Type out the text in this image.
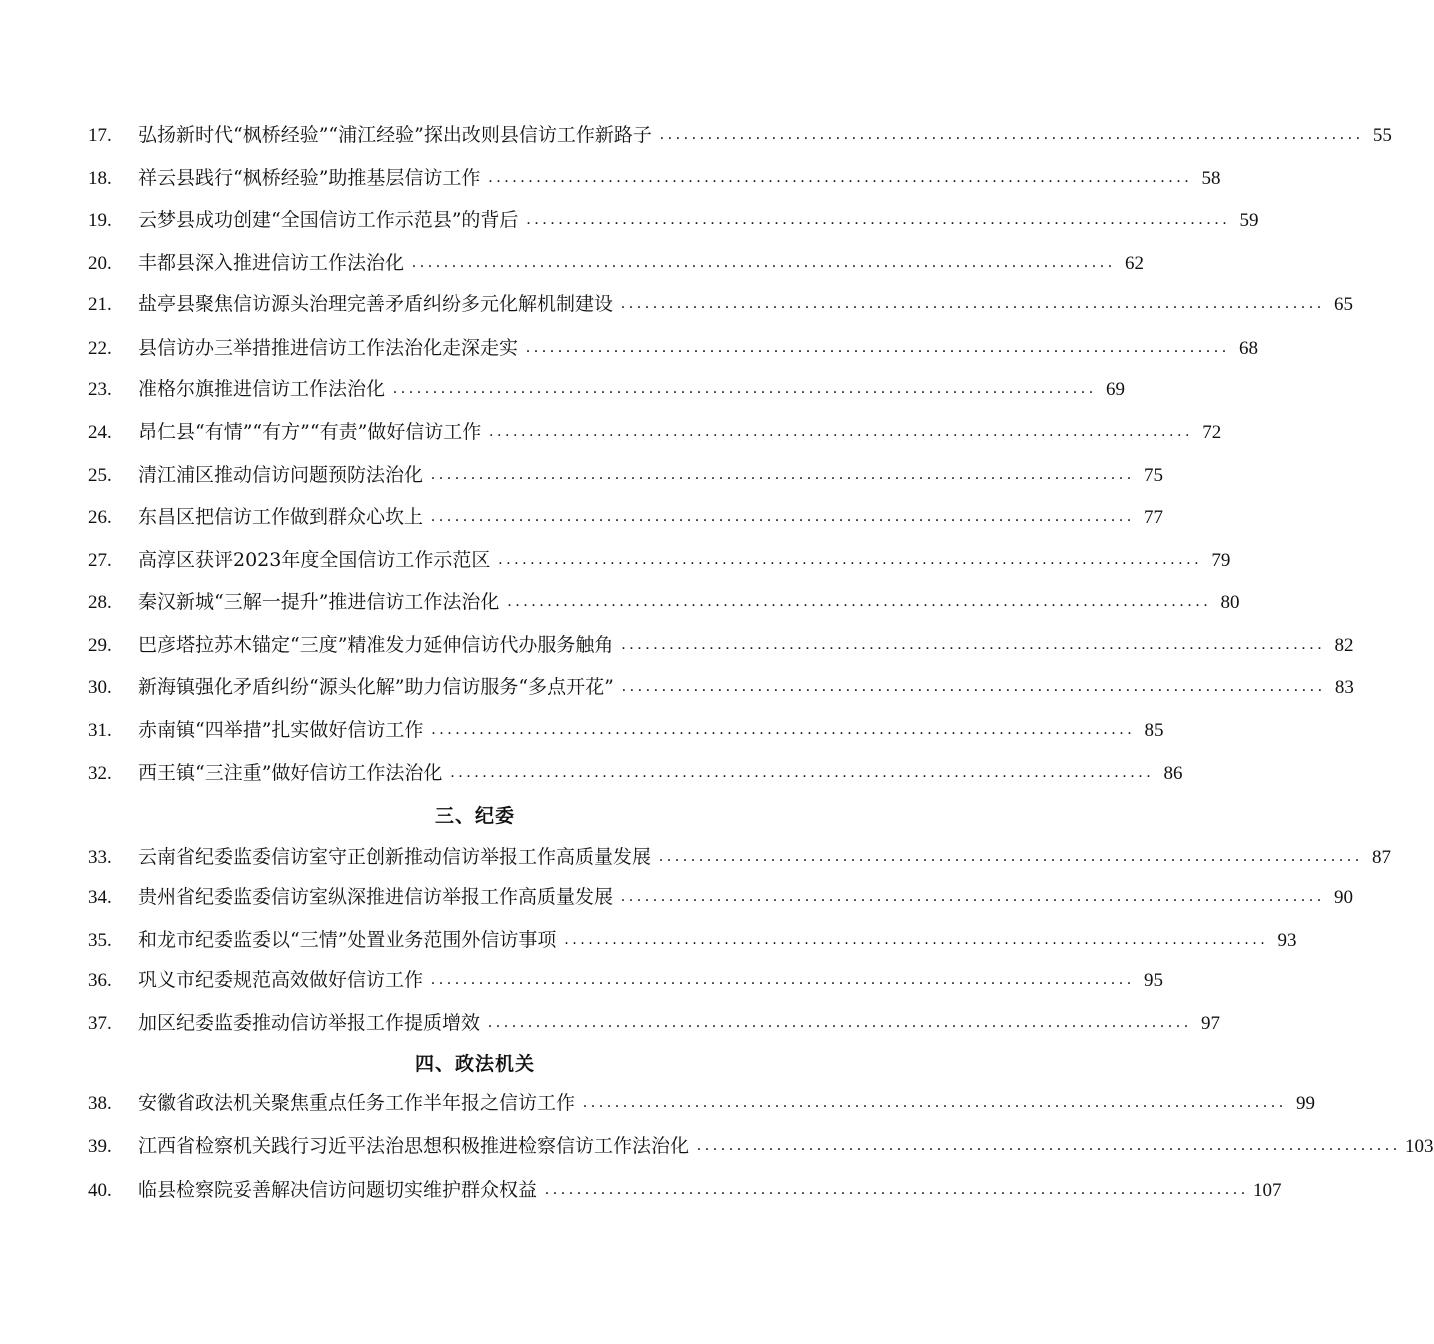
17.	弘扬新时代“枫桥经验”“浦江经验”探出改则县信访工作新路子 ........................................................................................ 55
18.	祥云县践行“枫桥经验”助推基层信访工作 ........................................................................................ 58
19.	云梦县成功创建“全国信访工作示范县”的背后 ........................................................................................ 59
20.	丰都县深入推进信访工作法治化 ........................................................................................ 62
21.	盐亭县聚焦信访源头治理完善矛盾纠纷多元化解机制建设 ........................................................................................ 65
22.	县信访办三举措推进信访工作法治化走深走实 ........................................................................................ 68
23.	准格尔旗推进信访工作法治化 ........................................................................................ 69
24.	昂仁县“有情”“有方”“有责”做好信访工作 ........................................................................................ 72
25.	清江浦区推动信访问题预防法治化 ........................................................................................ 75
26.	东昌区把信访工作做到群众心坎上 ........................................................................................ 77
27.	高淳区获评2023年度全国信访工作示范区 ........................................................................................ 79
28.	秦汉新城“三解一提升”推进信访工作法治化 ........................................................................................ 80
29.	巴彦塔拉苏木锚定“三度”精准发力延伸信访代办服务触角 ........................................................................................ 82
30.	新海镇强化矛盾纠纷“源头化解”助力信访服务“多点开花” ........................................................................................ 83
31.	赤南镇“四举措”扎实做好信访工作 ........................................................................................ 85
32.	西王镇“三注重”做好信访工作法治化 ........................................................................................ 86
三、纪委
33.	云南省纪委监委信访室守正创新推动信访举报工作高质量发展 ........................................................................................ 87
34.	贵州省纪委监委信访室纵深推进信访举报工作高质量发展 ........................................................................................ 90
35.	和龙市纪委监委以“三情”处置业务范围外信访事项 ........................................................................................ 93
36.	巩义市纪委规范高效做好信访工作 ........................................................................................ 95
37.	加区纪委监委推动信访举报工作提质增效 ........................................................................................ 97
四、政法机关
38.	安徽省政法机关聚焦重点任务工作半年报之信访工作 ........................................................................................ 99
39.	江西省检察机关践行习近平法治思想积极推进检察信访工作法治化 ........................................................................................ 103
40.	临县检察院妥善解决信访问题切实维护群众权益 ........................................................................................ 107
